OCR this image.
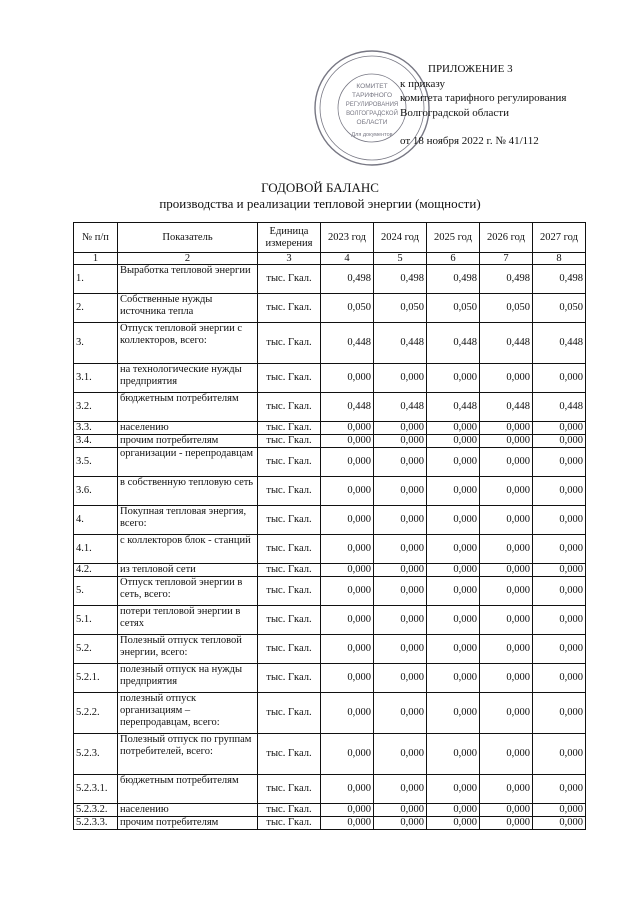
КОМИТЕТ
ТАРИФНОГО
РЕГУЛИРОВАНИЯ
ВОЛГОГРАДСКОЙ
ОБЛАСТИ
Для документов
ПРИЛОЖЕНИЕ 3
к приказу
комитета тарифного регулирования
Волгоградской области
от 18 ноября 2022 г. № 41/112
ГОДОВОЙ БАЛАНС
производства и реализации тепловой энергии (мощности)
№ п/п	Показатель	Единица измерения	2023 год	2024 год	2025 год	2026 год	2027 год
1	2	3	4	5	6	7	8
1.	Выработка тепловой энергии	тыс. Гкал.	0,498	0,498	0,498	0,498	0,498
2.	Собственные нужды источника тепла	тыс. Гкал.	0,050	0,050	0,050	0,050	0,050
3.	Отпуск тепловой энергии с коллекторов, всего:	тыс. Гкал.	0,448	0,448	0,448	0,448	0,448
3.1.	на технологические нужды предприятия	тыс. Гкал.	0,000	0,000	0,000	0,000	0,000
3.2.	бюджетным потребителям	тыс. Гкал.	0,448	0,448	0,448	0,448	0,448
3.3.	населению	тыс. Гкал.	0,000	0,000	0,000	0,000	0,000
3.4.	прочим потребителям	тыс. Гкал.	0,000	0,000	0,000	0,000	0,000
3.5.	организации - перепродавцам	тыс. Гкал.	0,000	0,000	0,000	0,000	0,000
3.6.	в собственную тепловую сеть	тыс. Гкал.	0,000	0,000	0,000	0,000	0,000
4.	Покупная тепловая энергия, всего:	тыс. Гкал.	0,000	0,000	0,000	0,000	0,000
4.1.	с коллекторов блок - станций	тыс. Гкал.	0,000	0,000	0,000	0,000	0,000
4.2.	из тепловой сети	тыс. Гкал.	0,000	0,000	0,000	0,000	0,000
5.	Отпуск тепловой энергии в сеть, всего:	тыс. Гкал.	0,000	0,000	0,000	0,000	0,000
5.1.	потери тепловой энергии в сетях	тыс. Гкал.	0,000	0,000	0,000	0,000	0,000
5.2.	Полезный отпуск тепловой энергии, всего:	тыс. Гкал.	0,000	0,000	0,000	0,000	0,000
5.2.1.	полезный отпуск на нужды предприятия	тыс. Гкал.	0,000	0,000	0,000	0,000	0,000
5.2.2.	полезный отпуск организациям – перепродавцам, всего:	тыс. Гкал.	0,000	0,000	0,000	0,000	0,000
5.2.3.	Полезный отпуск по группам потребителей, всего:	тыс. Гкал.	0,000	0,000	0,000	0,000	0,000
5.2.3.1.	бюджетным потребителям	тыс. Гкал.	0,000	0,000	0,000	0,000	0,000
5.2.3.2.	населению	тыс. Гкал.	0,000	0,000	0,000	0,000	0,000
5.2.3.3.	прочим потребителям	тыс. Гкал.	0,000	0,000	0,000	0,000	0,000
